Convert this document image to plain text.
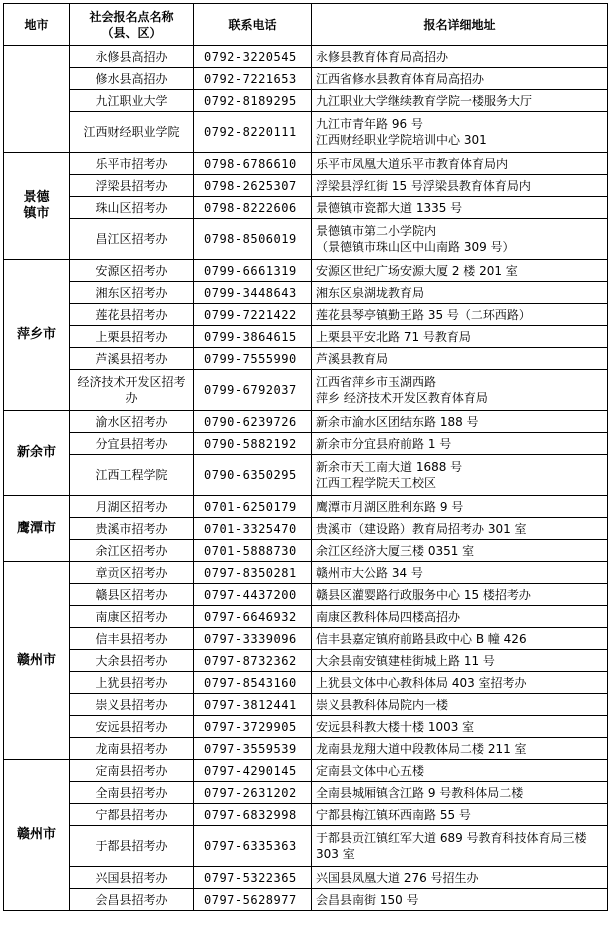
地市	社会报名点名称
（县、区）	联系电话	报名详细地址
	永修县高招办	0792-3220545	永修县教育体育局高招办
	修水县高招办	0792-7221653	江西省修水县教育体育局高招办
	九江职业大学	0792-8189295	九江职业大学继续教育学院一楼服务大厅
	江西财经职业学院	0792-8220111	九江市青年路 96 号
江西财经职业学院培训中心 301
景德
镇市	乐平市招考办	0798-6786610	乐平市凤凰大道乐平市教育体育局内
	浮梁县招考办	0798-2625307	浮梁县浮红街 15 号浮梁县教育体育局内
	珠山区招考办	0798-8222606	景德镇市瓷都大道 1335 号
	昌江区招考办	0798-8506019	景德镇市第二小学院内
（景德镇市珠山区中山南路 309 号）
萍乡市	安源区招考办	0799-6661319	安源区世纪广场安源大厦 2 楼 201 室
	湘东区招考办	0799-3448643	湘东区泉湖垅教育局
	莲花县招考办	0799-7221422	莲花县琴亭镇勤王路 35 号（二环西路）
	上栗县招考办	0799-3864615	上栗县平安北路 71 号教育局
	芦溪县招考办	0799-7555990	芦溪县教育局
	经济技术开发区招考办	0799-6792037	江西省萍乡市玉湖西路
萍乡 经济技术开发区教育体育局
新余市	渝水区招考办	0790-6239726	新余市渝水区团结东路 188 号
	分宜县招考办	0790-5882192	新余市分宜县府前路 1 号
	江西工程学院	0790-6350295	新余市天工南大道 1688 号
江西工程学院天工校区
鹰潭市	月湖区招考办	0701-6250179	鹰潭市月湖区胜利东路 9 号
	贵溪市招考办	0701-3325470	贵溪市（建设路）教育局招考办 301 室
	余江区招考办	0701-5888730	余江区经济大厦三楼 0351 室
赣州市	章贡区招考办	0797-8350281	赣州市大公路 34 号
	赣县区招考办	0797-4437200	赣县区灌婴路行政服务中心 15 楼招考办
	南康区招考办	0797-6646932	南康区教科体局四楼高招办
	信丰县招考办	0797-3339096	信丰县嘉定镇府前路县政中心 B 幢 426
	大余县招考办	0797-8732362	大余县南安镇建桂街城上路 11 号
	上犹县招考办	0797-8543160	上犹县文体中心教科体局 403 室招考办
	崇义县招考办	0797-3812441	崇义县教科体局院内一楼
	安远县招考办	0797-3729905	安远县科教大楼十楼 1003 室
	龙南县招考办	0797-3559539	龙南县龙翔大道中段教体局二楼 211 室
赣州市	定南县招考办	0797-4290145	定南县文体中心五楼
	全南县招考办	0797-2631202	全南县城厢镇含江路 9 号教科体局二楼
	宁都县招考办	0797-6832998	宁都县梅江镇环西南路 55 号
	于都县招考办	0797-6335363	于都县贡江镇红军大道 689 号教育科技体育局三楼 303 室
	兴国县招考办	0797-5322365	兴国县凤凰大道 276 号招生办
	会昌县招考办	0797-5628977	会昌县南街 150 号
